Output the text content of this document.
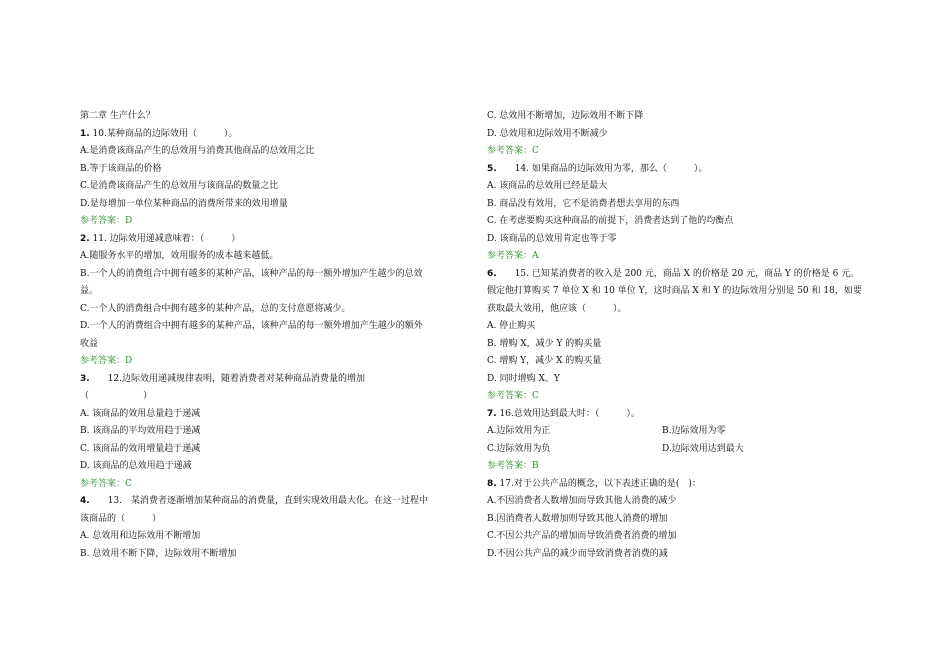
第二章 生产什么？
1. 10.某种商品的边际效用（　　　）。
A.是消费该商品产生的总效用与消费其他商品的总效用之比
B.等于该商品的价格
C.是消费该商品产生的总效用与该商品的数量之比
D.是每增加一单位某种商品的消费所带来的效用增量
参考答案：D
2. 11. 边际效用递减意味着：（　　　）
A.随服务水平的增加，效用服务的成本越来越低。
B.一个人的消费组合中拥有越多的某种产品，该种产品的每一额外增加产生越少的总效
益。
C.一个人的消费组合中拥有越多的某种产品，总的支付意愿将减少。
D.一个人的消费组合中拥有越多的某种产品，该种产品的每一额外增加产生越少的额外
收益
参考答案：D
3.　　12.边际效用递减规律表明，随着消费者对某种商品消费量的增加
（　　　　　　）
A. 该商品的效用总量趋于递减
B. 该商品的平均效用趋于递减
C. 该商品的效用增量趋于递减
D. 该商品的总效用趋于递减
参考答案：C
4.　　13.　某消费者逐渐增加某种商品的消费量，直到实现效用最大化。在这一过程中
该商品的（　　　）
A. 总效用和边际效用不断增加
B. 总效用不断下降，边际效用不断增加
C. 总效用不断增加，边际效用不断下降
D. 总效用和边际效用不断减少
参考答案：C
5.　　14. 如果商品的边际效用为零，那么（　　　）。
A. 该商品的总效用已经是最大
B. 商品没有效用，它不是消费者想去享用的东西
C. 在考虑要购买这种商品的前提下，消费者达到了他的均衡点
D. 该商品的总效用肯定也等于零
参考答案：A
6.　　15. 已知某消费者的收入是 200 元，商品 X 的价格是 20 元，商品 Y 的价格是 6 元。
假定他打算购买 7 单位 X 和 10 单位 Y，这时商品 X 和 Y 的边际效用分别是 50 和 18，如要
获取最大效用，他应该（　　　）。
A. 停止购买
B. 增购 X，减少 Y 的购买量
C. 增购 Y，减少 X 的购买量
D. 同时增购 X、Y
参考答案：C
7. 16.总效用达到最大时：（　　　）。
A.边际效用为正	B.边际效用为零
C.边际效用为负	D.边际效用达到最大
参考答案：B
8. 17.对于公共产品的概念，以下表述正确的是(　)：
A.不因消费者人数增加而导致其他人消费的减少
B.因消费者人数增加则导致其他人消费的增加
C.不因公共产品的增加而导致消费者消费的增加
D.不因公共产品的减少而导致消费者消费的减
